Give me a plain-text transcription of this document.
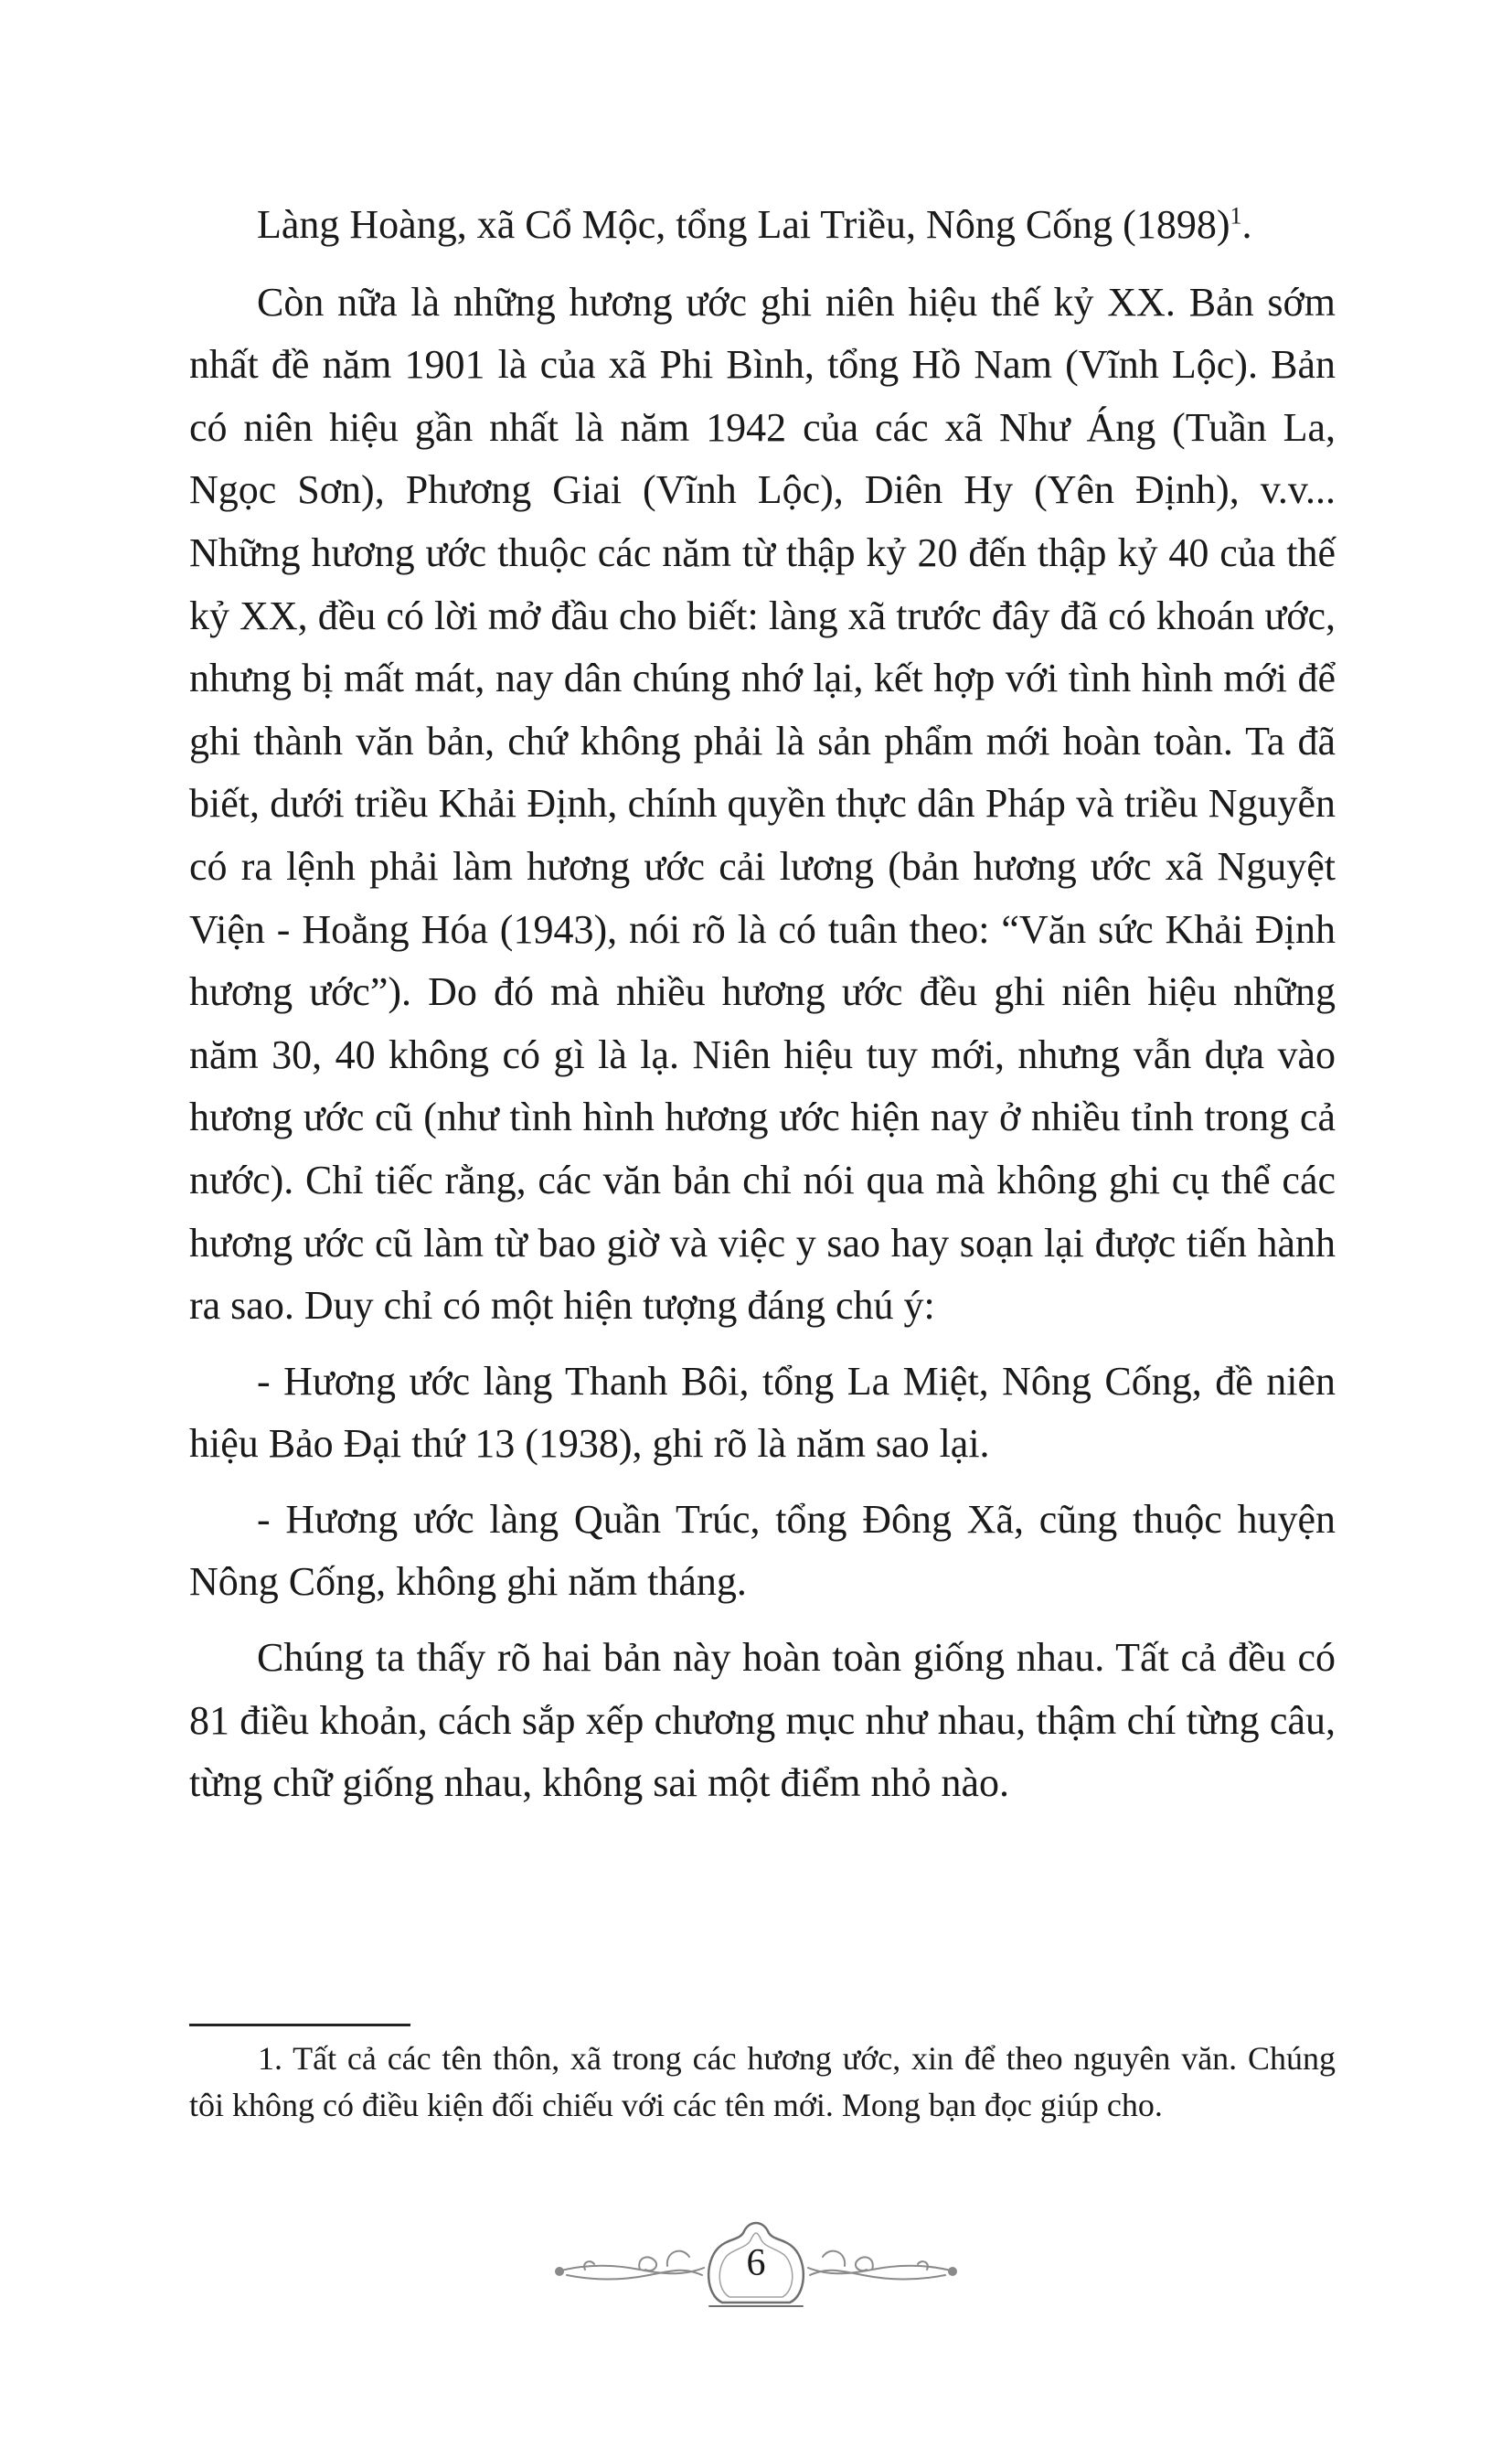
Làng Hoàng, xã Cổ Mộc, tổng Lai Triều, Nông Cống $(1898)^1$.

Còn nữa là những hương ước ghi niên hiệu thế kỷ XX. Bản sớm nhất đề năm 1901 là của xã Phi Bình, tổng Hồ Nam (Vĩnh Lộc). Bản có niên hiệu gần nhất là năm 1942 của các xã Như Áng (Tuần La, Ngọc Sơn), Phương Giai (Vĩnh Lộc), Diên Hy (Yên Định), v.v... Những hương ước thuộc các năm từ thập kỷ 20 đến thập kỷ 40 của thế kỷ XX, đều có lời mở đầu cho biết: làng xã trước đây đã có khoán ước, nhưng bị mất mát, nay dân chúng nhớ lại, kết hợp với tình hình mới để ghi thành văn bản, chứ không phải là sản phẩm mới hoàn toàn. Ta đã biết, dưới triều Khải Định, chính quyền thực dân Pháp và triều Nguyễn có ra lệnh phải làm hương ước cải lương (bản hương ước xã Nguyệt Viện - Hoằng Hóa (1943), nói rõ là có tuân theo: “Văn sức Khải Định hương ước”). Do đó mà nhiều hương ước đều ghi niên hiệu những năm 30, 40 không có gì là lạ. Niên hiệu tuy mới, nhưng vẫn dựa vào hương ước cũ (như tình hình hương ước hiện nay ở nhiều tỉnh trong cả nước). Chỉ tiếc rằng, các văn bản chỉ nói qua mà không ghi cụ thể các hương ước cũ làm từ bao giờ và việc y sao hay soạn lại được tiến hành ra sao. Duy chỉ có một hiện tượng đáng chú ý:

- Hương ước làng Thanh Bôi, tổng La Miệt, Nông Cống, đề niên hiệu Bảo Đại thứ 13 (1938), ghi rõ là năm sao lại.

- Hương ước làng Quần Trúc, tổng Đông Xã, cũng thuộc huyện Nông Cống, không ghi năm tháng.

Chúng ta thấy rõ hai bản này hoàn toàn giống nhau. Tất cả đều có 81 điều khoản, cách sắp xếp chương mục như nhau, thậm chí từng câu, từng chữ giống nhau, không sai một điểm nhỏ nào.

1. Tất cả các tên thôn, xã trong các hương ước, xin để theo nguyên văn. Chúng tôi không có điều kiện đối chiếu với các tên mới. Mong bạn đọc giúp cho.

6
